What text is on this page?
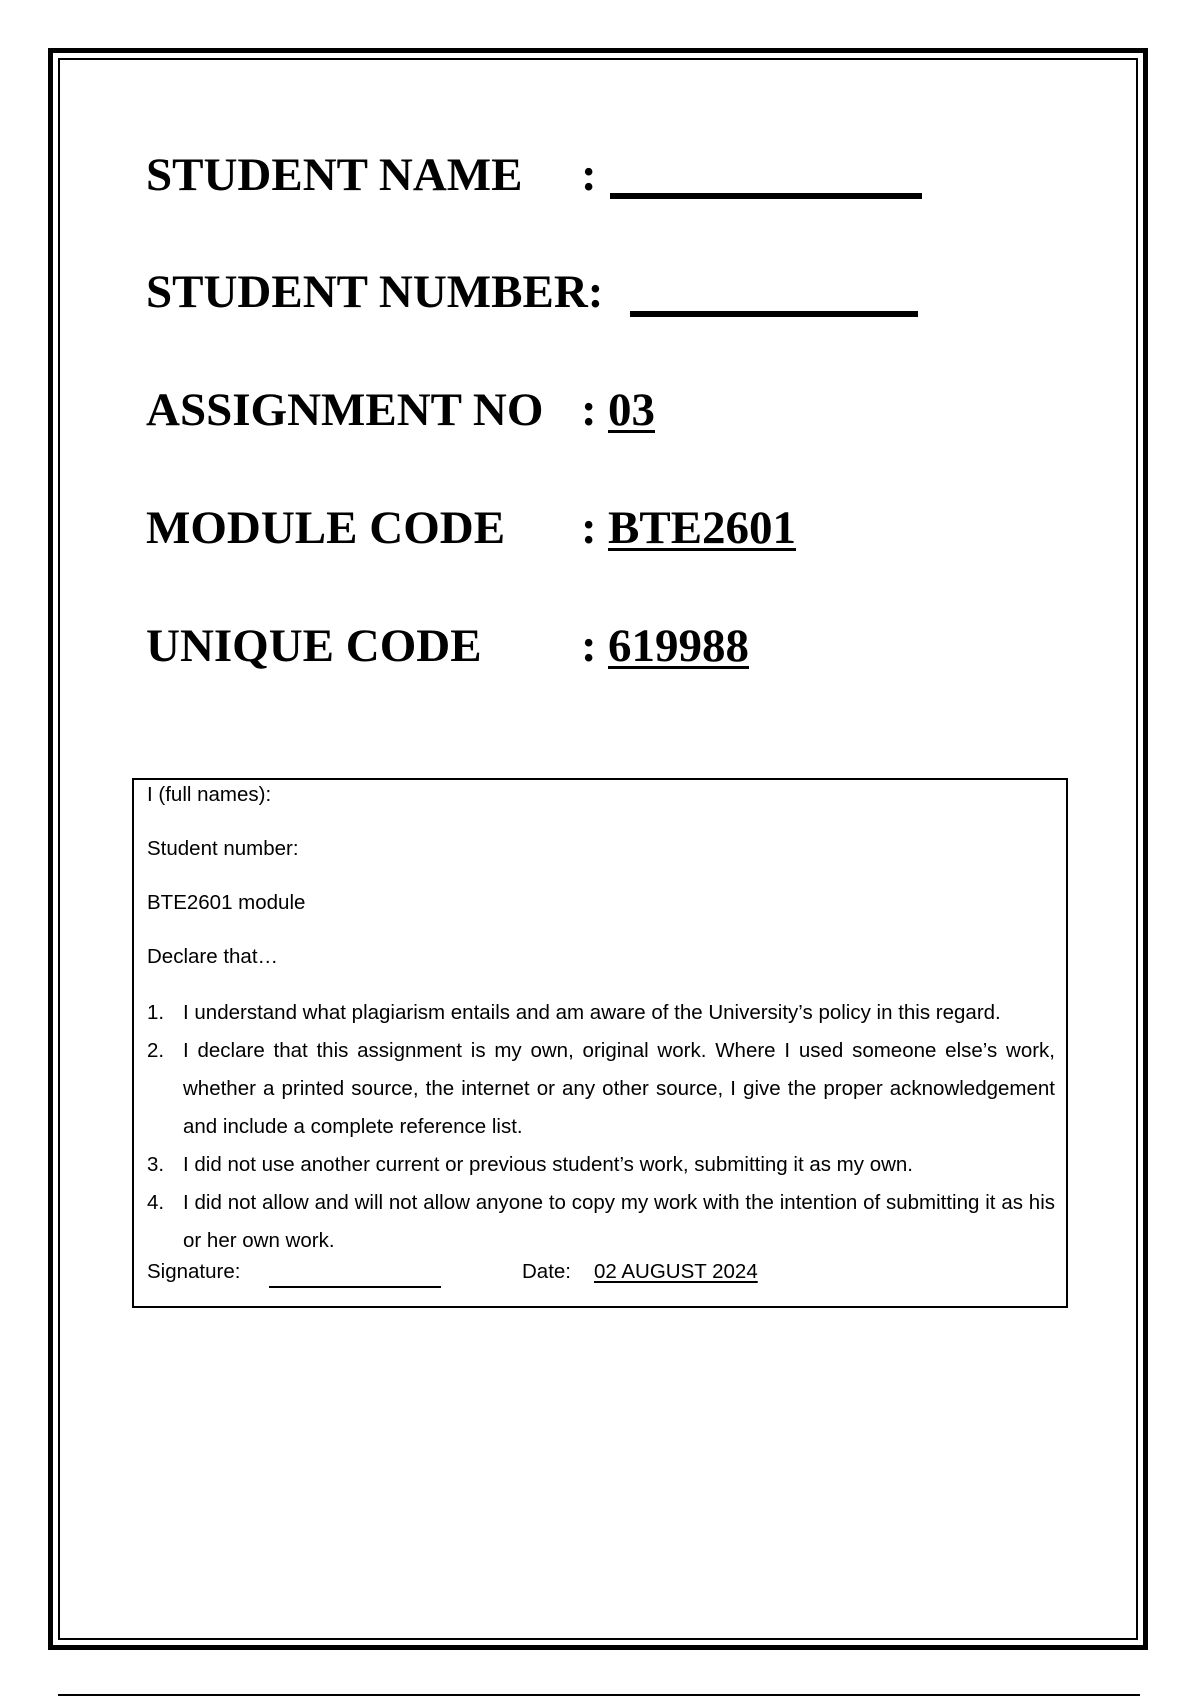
STUDENT NAME :
STUDENT NUMBER:
ASSIGNMENT NO : 03
MODULE CODE : BTE2601
UNIQUE CODE : 619988
I (full names):
Student number:
BTE2601 module
Declare that…
1. I understand what plagiarism entails and am aware of the University’s policy in this regard.
2. I declare that this assignment is my own, original work. Where I used someone else’s work, whether a printed source, the internet or any other source, I give the proper acknowledgement and include a complete reference list.
3. I did not use another current or previous student’s work, submitting it as my own.
4. I did not allow and will not allow anyone to copy my work with the intention of submitting it as his or her own work.
Signature:	Date: 02 AUGUST 2024
